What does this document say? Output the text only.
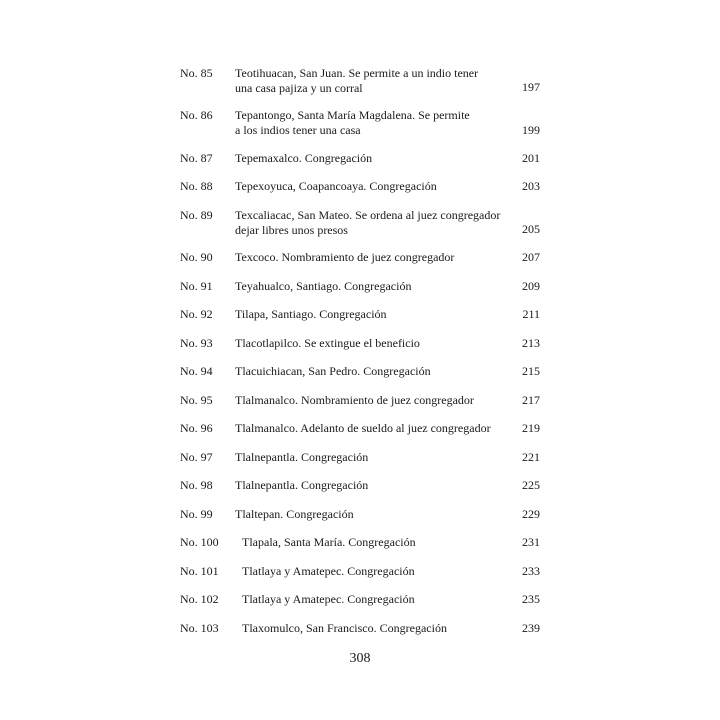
No. 85 Teotihuacan, San Juan. Se permite a un indio tener
una casa pajiza y un corral	197
No. 86 Tepantongo, Santa María Magdalena. Se permite
a los indios tener una casa	199
No. 87 Tepemaxalco. Congregación	201
No. 88 Tepexoyuca, Coapancoaya. Congregación	203
No. 89 Texcaliacac, San Mateo. Se ordena al juez congregador
dejar libres unos presos	205
No. 90 Texcoco. Nombramiento de juez congregador	207
No. 91 Teyahualco, Santiago. Congregación	209
No. 92 Tilapa, Santiago. Congregación	211
No. 93 Tlacotlapilco. Se extingue el beneficio	213
No. 94 Tlacuichiacan, San Pedro. Congregación	215
No. 95 Tlalmanalco. Nombramiento de juez congregador	217
No. 96 Tlalmanalco. Adelanto de sueldo al juez congregador	219
No. 97 Tlalnepantla. Congregación	221
No. 98 Tlalnepantla. Congregación	225
No. 99 Tlaltepan. Congregación	229
No. 100 Tlapala, Santa María. Congregación	231
No. 101 Tlatlaya y Amatepec. Congregación	233
No. 102 Tlatlaya y Amatepec. Congregación	235
No. 103 Tlaxomulco, San Francisco. Congregación	239
308
